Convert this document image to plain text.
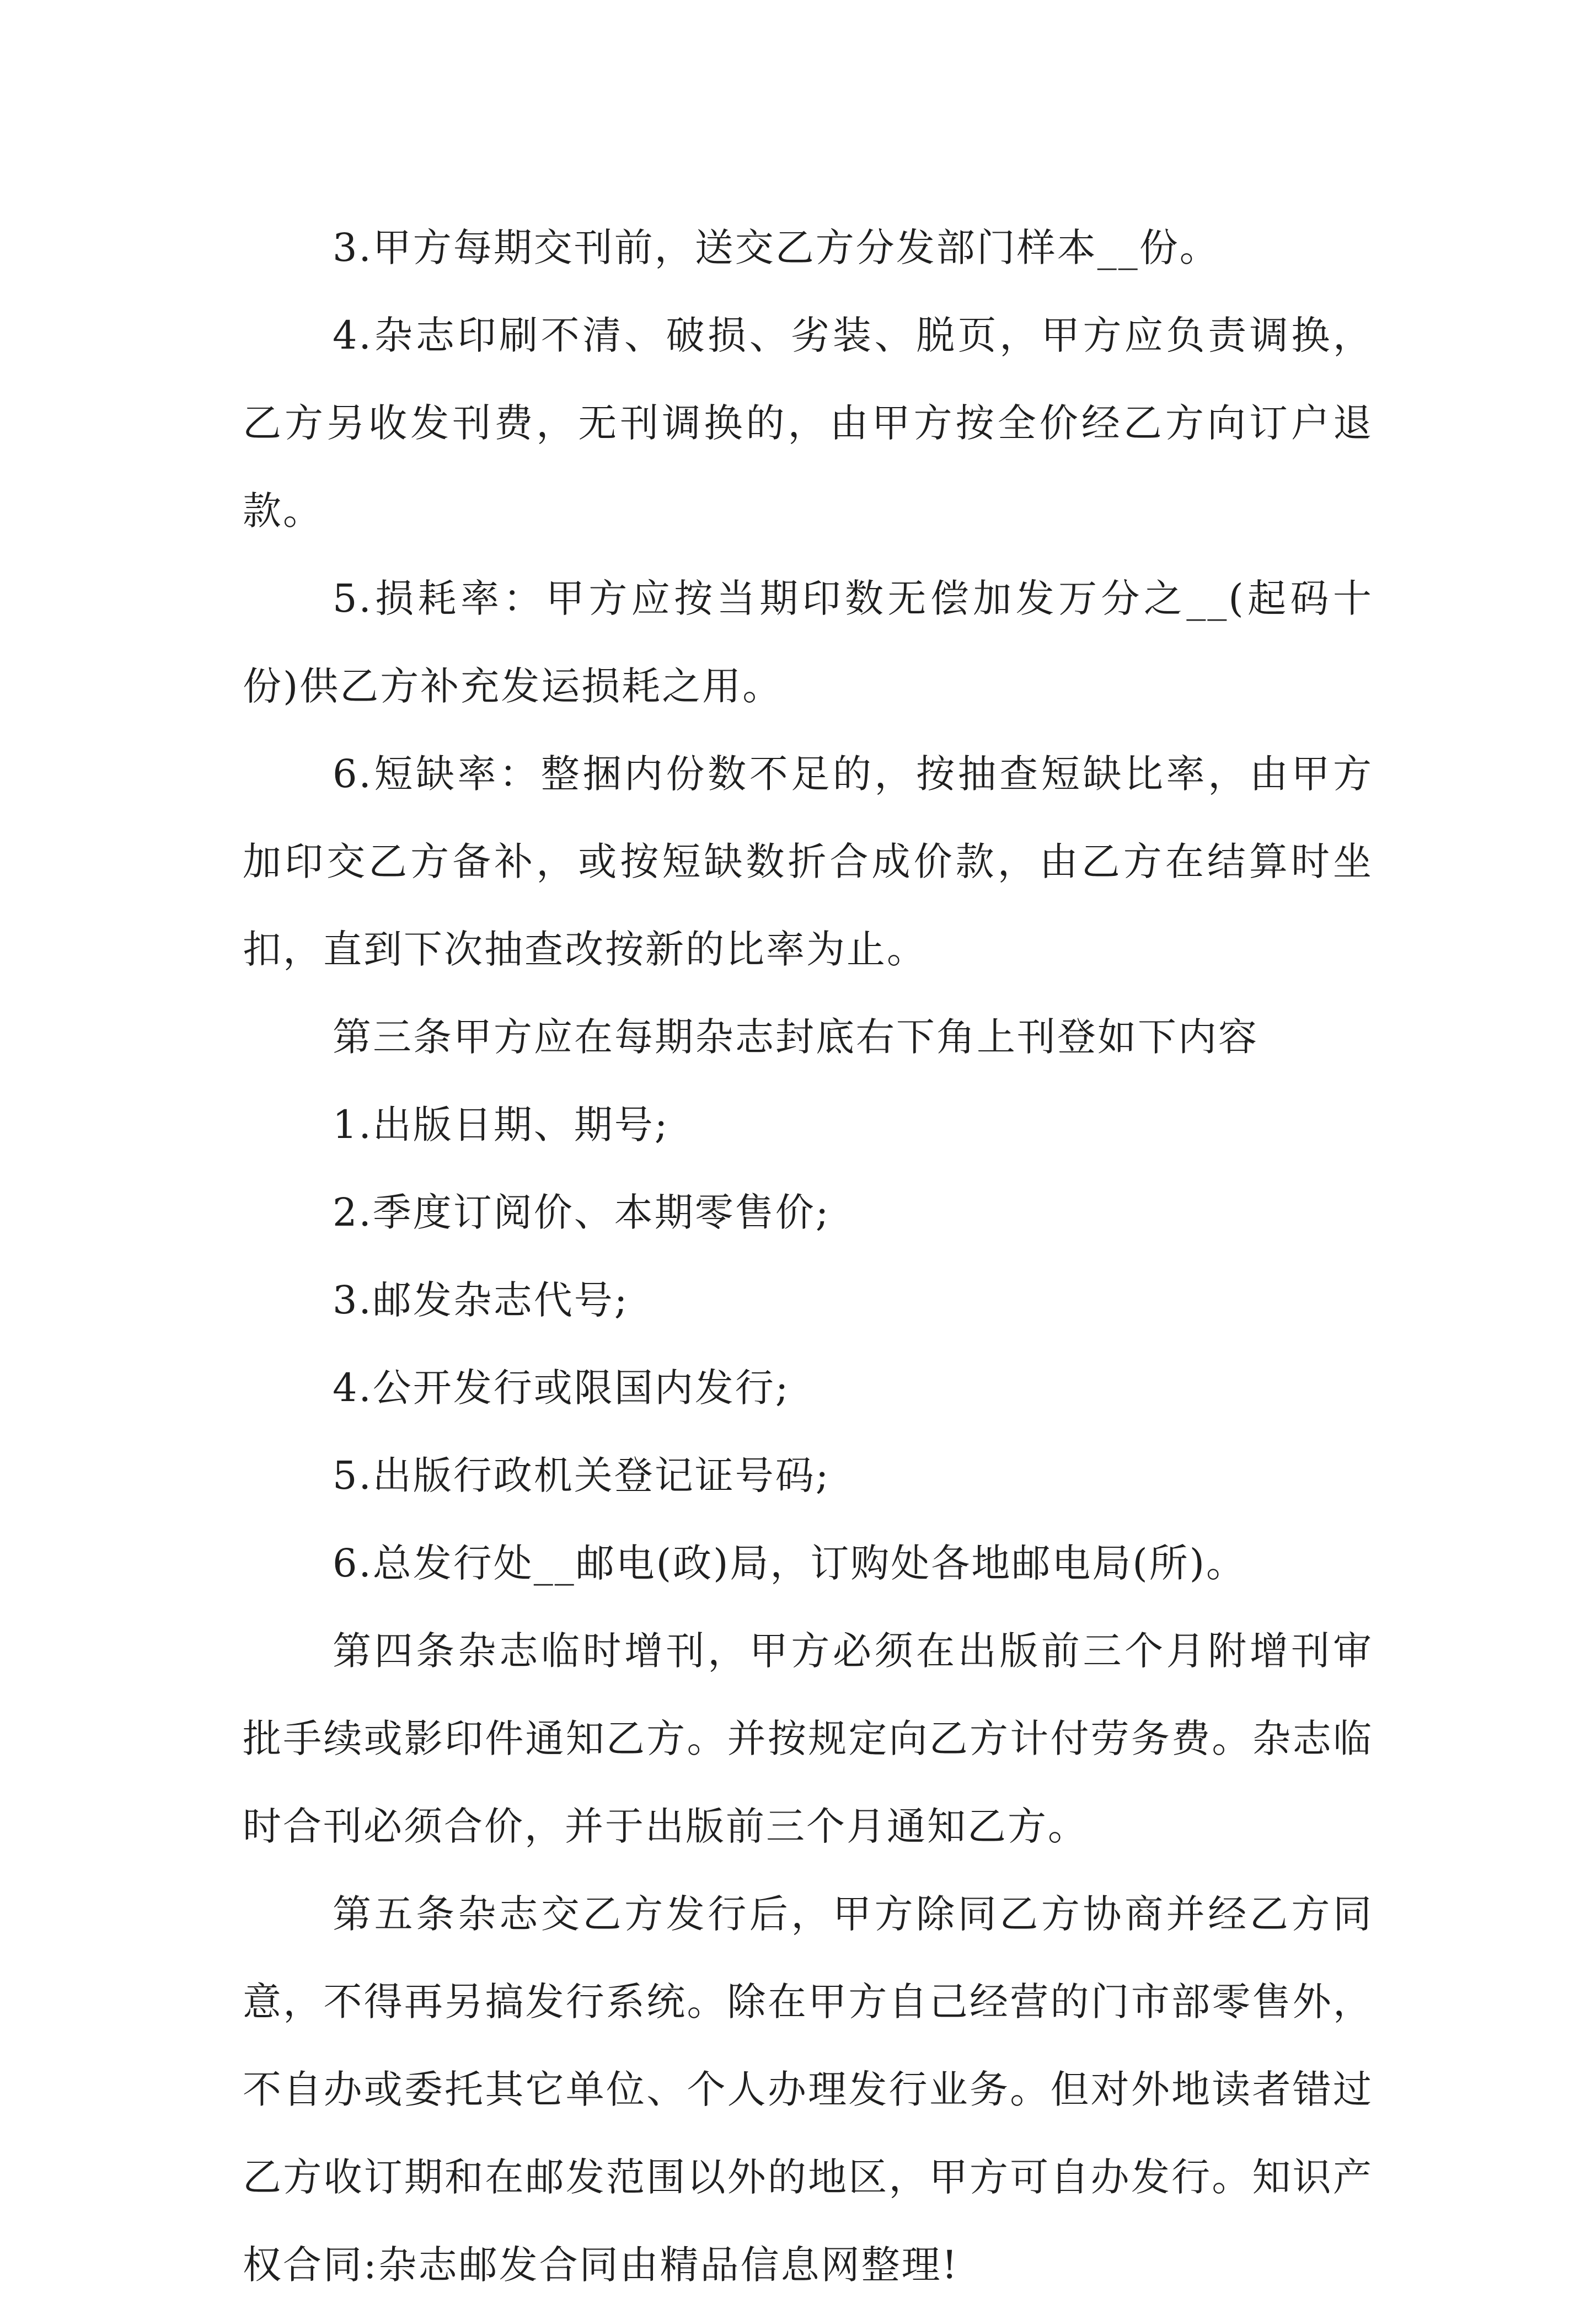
3.甲方每期交刊前，送交乙方分发部门样本__份。

4.杂志印刷不清、破损、劣装、脱页，甲方应负责调换，乙方另收发刊费，无刊调换的，由甲方按全价经乙方向订户退款。

5.损耗率：甲方应按当期印数无偿加发万分之__(起码十份)供乙方补充发运损耗之用。

6.短缺率：整捆内份数不足的，按抽查短缺比率，由甲方加印交乙方备补，或按短缺数折合成价款，由乙方在结算时坐扣，直到下次抽查改按新的比率为止。

第三条甲方应在每期杂志封底右下角上刊登如下内容

1.出版日期、期号;

2.季度订阅价、本期零售价;

3.邮发杂志代号;

4.公开发行或限国内发行;

5.出版行政机关登记证号码;

6.总发行处__邮电(政)局，订购处各地邮电局(所)。

第四条杂志临时增刊，甲方必须在出版前三个月附增刊审批手续或影印件通知乙方。并按规定向乙方计付劳务费。杂志临时合刊必须合价，并于出版前三个月通知乙方。

第五条杂志交乙方发行后，甲方除同乙方协商并经乙方同意，不得再另搞发行系统。除在甲方自己经营的门市部零售外，不自办或委托其它单位、个人办理发行业务。但对外地读者错过乙方收订期和在邮发范围以外的地区，甲方可自办发行。知识产权合同:杂志邮发合同由精品信息网整理!
